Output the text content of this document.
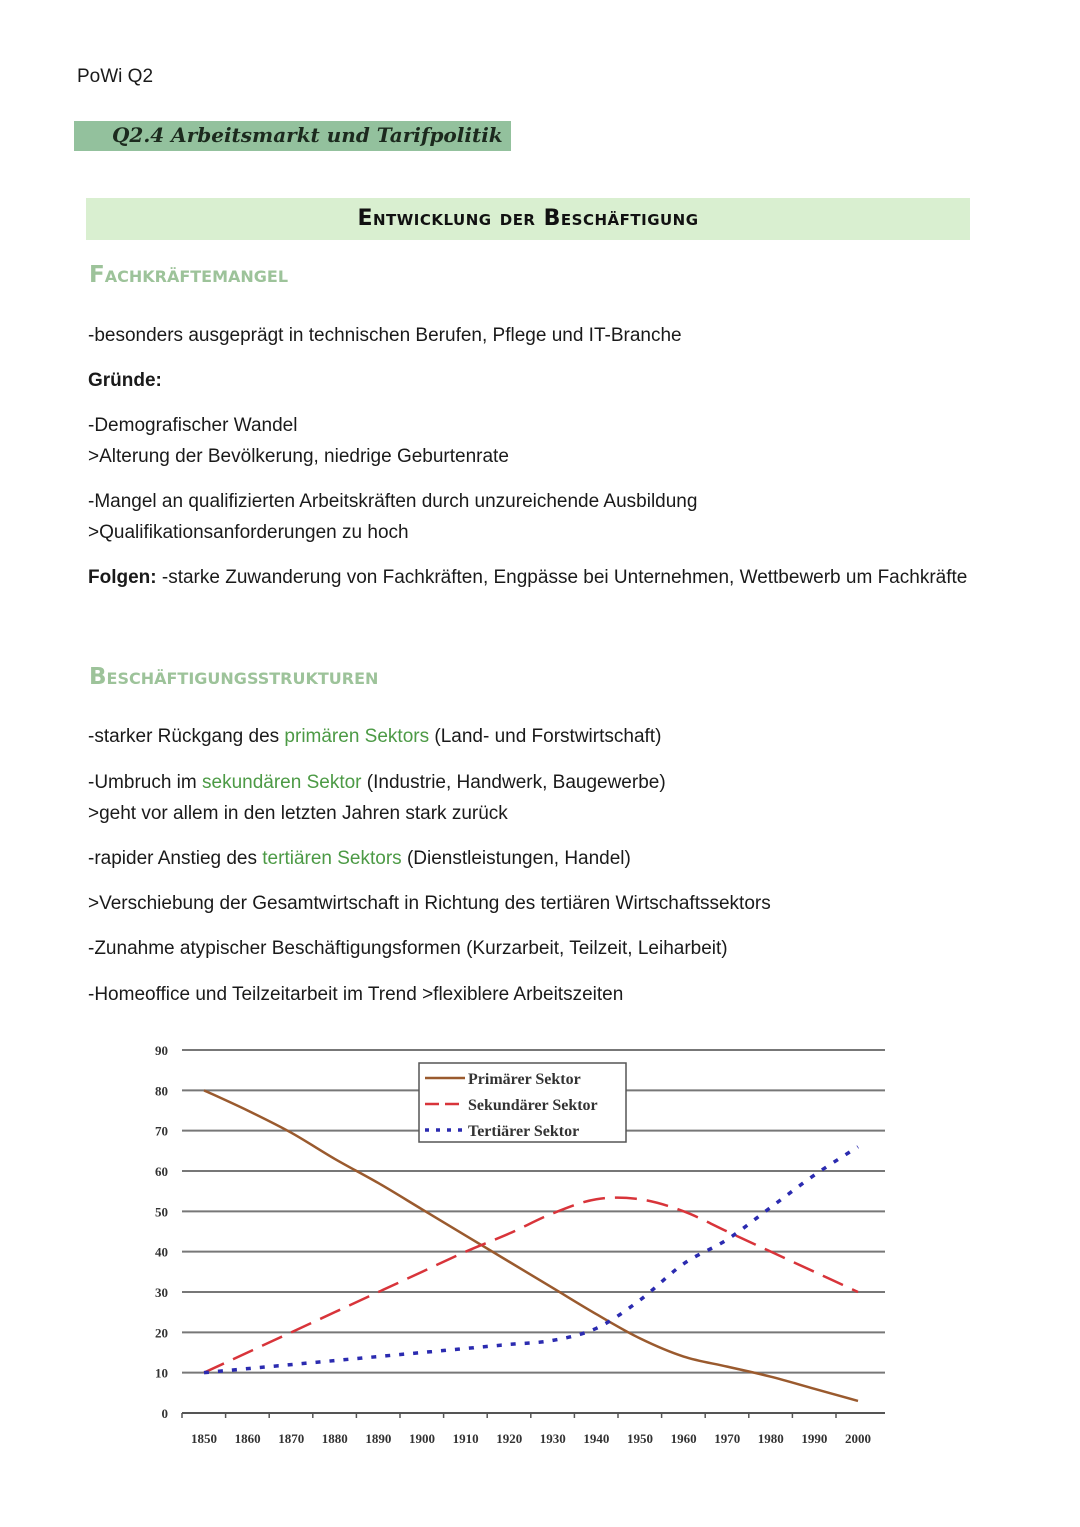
PoWi Q2
Q2.4 Arbeitsmarkt und Tarifpolitik
Entwicklung der Beschäftigung
Fachkräftemangel
-besonders ausgeprägt in technischen Berufen, Pflege und IT-Branche
Gründe:
-Demografischer Wandel
>Alterung der Bevölkerung, niedrige Geburtenrate
-Mangel an qualifizierten Arbeitskräften durch unzureichende Ausbildung
>Qualifikationsanforderungen zu hoch
Folgen: -starke Zuwanderung von Fachkräften, Engpässe bei Unternehmen, Wettbewerb um Fachkräfte
Beschäftigungsstrukturen
-starker Rückgang des primären Sektors (Land- und Forstwirtschaft)
-Umbruch im sekundären Sektor (Industrie, Handwerk, Baugewerbe)
>geht vor allem in den letzten Jahren stark zurück
-rapider Anstieg des tertiären Sektors (Dienstleistungen, Handel)
>Verschiebung der Gesamtwirtschaft in Richtung des tertiären Wirtschaftssektors
-Zunahme atypischer Beschäftigungsformen (Kurzarbeit, Teilzeit, Leiharbeit)
-Homeoffice und Teilzeitarbeit im Trend >flexiblere Arbeitszeiten
0
10
20
30
40
50
60
70
80
90
1850 1860 1870 1880 1890 1900 1910 1920 1930 1940 1950 1960 1970 1980 1990 2000
Primärer Sektor
Sekundärer Sektor
Tertiärer Sektor
